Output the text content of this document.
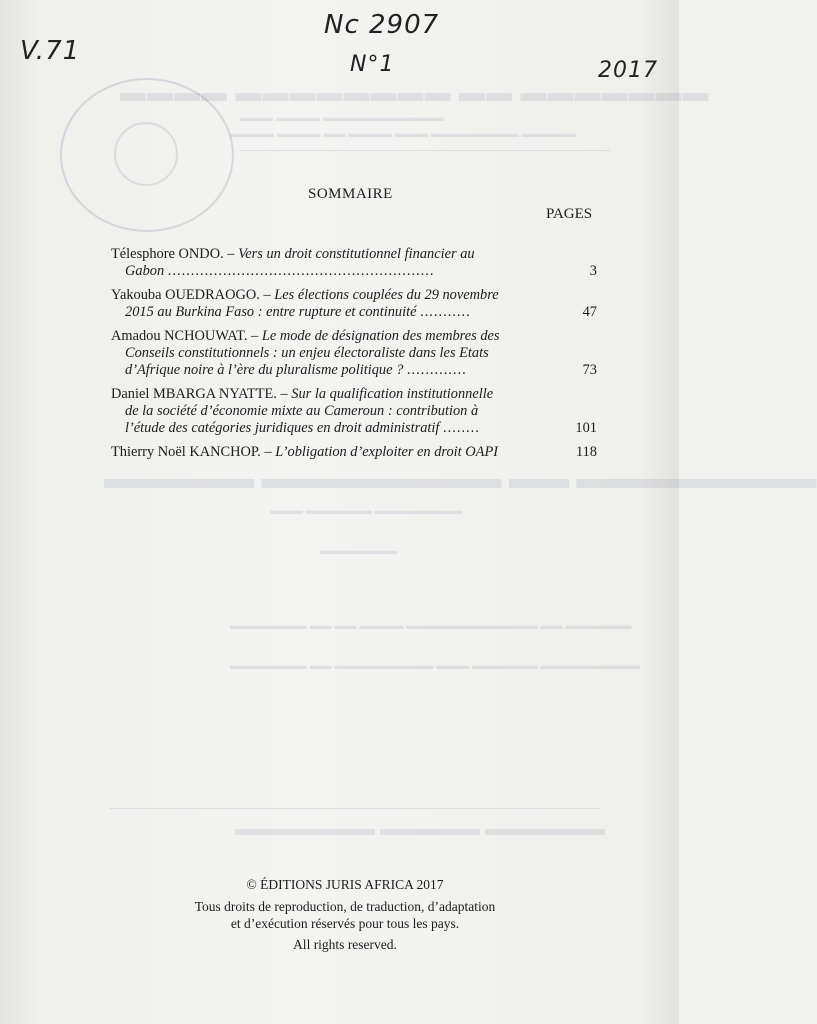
▬▬▬▬ ▬▬▬▬▬▬▬▬ ▬▬ ▬▬▬▬▬▬▬
▬▬▬ ▬▬▬▬ ▬▬▬▬▬▬▬▬▬▬▬
▬▬▬▬ ▬▬▬▬ ▬▬ ▬▬▬▬ ▬▬▬ ▬▬▬▬▬▬▬▬ ▬▬▬▬▬
▬▬▬▬▬ ▬▬▬▬▬▬▬▬ ▬▬ ▬▬▬▬▬▬▬▬
▬▬▬ ▬▬▬▬▬▬ ▬▬▬▬▬▬▬▬
▬▬▬▬▬▬▬
▬▬▬▬▬▬▬ ▬▬ ▬▬ ▬▬▬▬ ▬▬▬▬▬▬▬▬▬▬▬▬ ▬▬ ▬▬▬▬▬▬
▬▬▬▬▬▬▬ ▬▬ ▬▬▬▬▬▬▬▬▬ ▬▬▬ ▬▬▬▬▬▬ ▬▬▬▬▬▬▬▬▬
▬▬▬▬▬▬▬ ▬▬▬▬▬ ▬▬▬▬▬▬
V.71
Nc 2907
N°1	2017
SOMMAIRE
PAGES
Télesphore ONDO. – Vers un droit constitutionnel financier au
Gabon ..........................................................	3
Yakouba OUEDRAOGO. – Les élections couplées du 29 novembre
2015 au Burkina Faso : entre rupture et continuité ...........	47
Amadou NCHOUWAT. – Le mode de désignation des membres des
Conseils constitutionnels : un enjeu électoraliste dans les Etats
d’Afrique noire à l’ère du pluralisme politique ? .............	73
Daniel MBARGA NYATTE. – Sur la qualification institutionnelle
de la société d’économie mixte au Cameroun : contribution à
l’étude des catégories juridiques en droit administratif ........	101
Thierry Noël KANCHOP. – L’obligation d’exploiter en droit OAPI	118
© ÉDITIONS JURIS AFRICA 2017
Tous droits de reproduction, de traduction, d’adaptation
et d’exécution réservés pour tous les pays.
All rights reserved.
